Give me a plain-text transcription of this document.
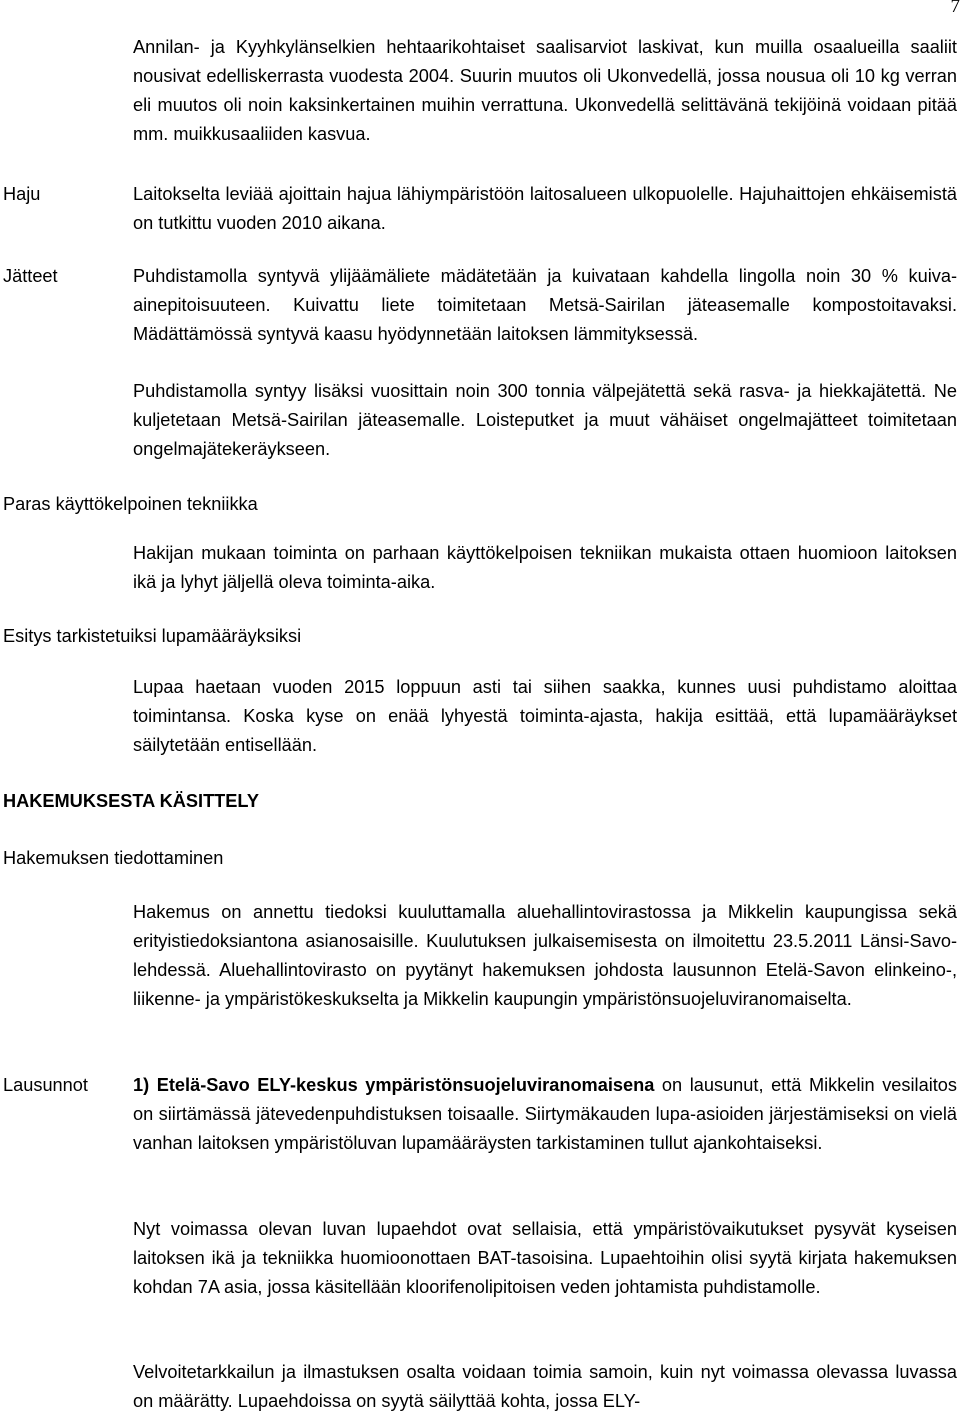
7

Annilan- ja Kyyhkylänselkien hehtaarikohtaiset saalisarviot laskivat, kun muilla osaalueilla saaliit nousivat edelliskerrasta vuodesta 2004. Suurin muutos oli Ukonvedellä, jossa nousua oli 10 kg verran eli muutos oli noin kaksinkertainen muihin verrattuna. Ukonvedellä selittävänä tekijöinä voidaan pitää mm. muikkusaaliiden kasvua.

Haju	Laitokselta leviää ajoittain hajua lähiympäristöön laitosalueen ulkopuolelle. Hajuhaittojen ehkäisemistä on tutkittu vuoden 2010 aikana.

Jätteet	Puhdistamolla syntyvä ylijäämäliete mädätetään ja kuivataan kahdella lingolla noin 30 % kuiva-ainepitoisuuteen. Kuivattu liete toimitetaan Metsä-Sairilan jäteasemalle kompostoitavaksi. Mädättämössä syntyvä kaasu hyödynnetään laitoksen lämmityksessä.

Puhdistamolla syntyy lisäksi vuosittain noin 300 tonnia välpejätettä sekä rasva- ja hiekkajätettä. Ne kuljetetaan Metsä-Sairilan jäteasemalle. Loisteputket ja muut vähäiset ongelmajätteet toimitetaan ongelmajätekeräykseen.

Paras käyttökelpoinen tekniikka

Hakijan mukaan toiminta on parhaan käyttökelpoisen tekniikan mukaista ottaen huomioon laitoksen ikä ja lyhyt jäljellä oleva toiminta-aika.

Esitys tarkistetuiksi lupamääräyksiksi

Lupaa haetaan vuoden 2015 loppuun asti tai siihen saakka, kunnes uusi puhdistamo aloittaa toimintansa. Koska kyse on enää lyhyestä toiminta-ajasta, hakija esittää, että lupamääräykset säilytetään entisellään.

HAKEMUKSESTA KÄSITTELY

Hakemuksen tiedottaminen

Hakemus on annettu tiedoksi kuuluttamalla aluehallintovirastossa ja Mikkelin kaupungissa sekä erityistiedoksiantona asianosaisille. Kuulutuksen julkaisemisesta on ilmoitettu 23.5.2011 Länsi-Savo-lehdessä. Aluehallintovirasto on pyytänyt hakemuksen johdosta lausunnon Etelä-Savon elinkeino-, liikenne- ja ympäristökeskukselta ja Mikkelin kaupungin ympäristönsuojeluviranomaiselta.

Lausunnot 1) Etelä-Savo ELY-keskus ympäristönsuojeluviranomaisena on lausunut, että Mikkelin vesilaitos on siirtämässä jätevedenpuhdistuksen toisaalle. Siirtymäkauden lupa-asioiden järjestämiseksi on vielä vanhan laitoksen ympäristöluvan lupamääräysten tarkistaminen tullut ajankohtaiseksi.

Nyt voimassa olevan luvan lupaehdot ovat sellaisia, että ympäristövaikutukset pysyvät kyseisen laitoksen ikä ja tekniikka huomioonottaen BAT-tasoisina. Lupaehtoihin olisi syytä kirjata hakemuksen kohdan 7A asia, jossa käsitellään kloorifenolipitoisen veden johtamista puhdistamolle.

Velvoitetarkkailun ja ilmastuksen osalta voidaan toimia samoin, kuin nyt voimassa olevassa luvassa on määrätty. Lupaehdoissa on syytä säilyttää kohta, jossa ELY-
